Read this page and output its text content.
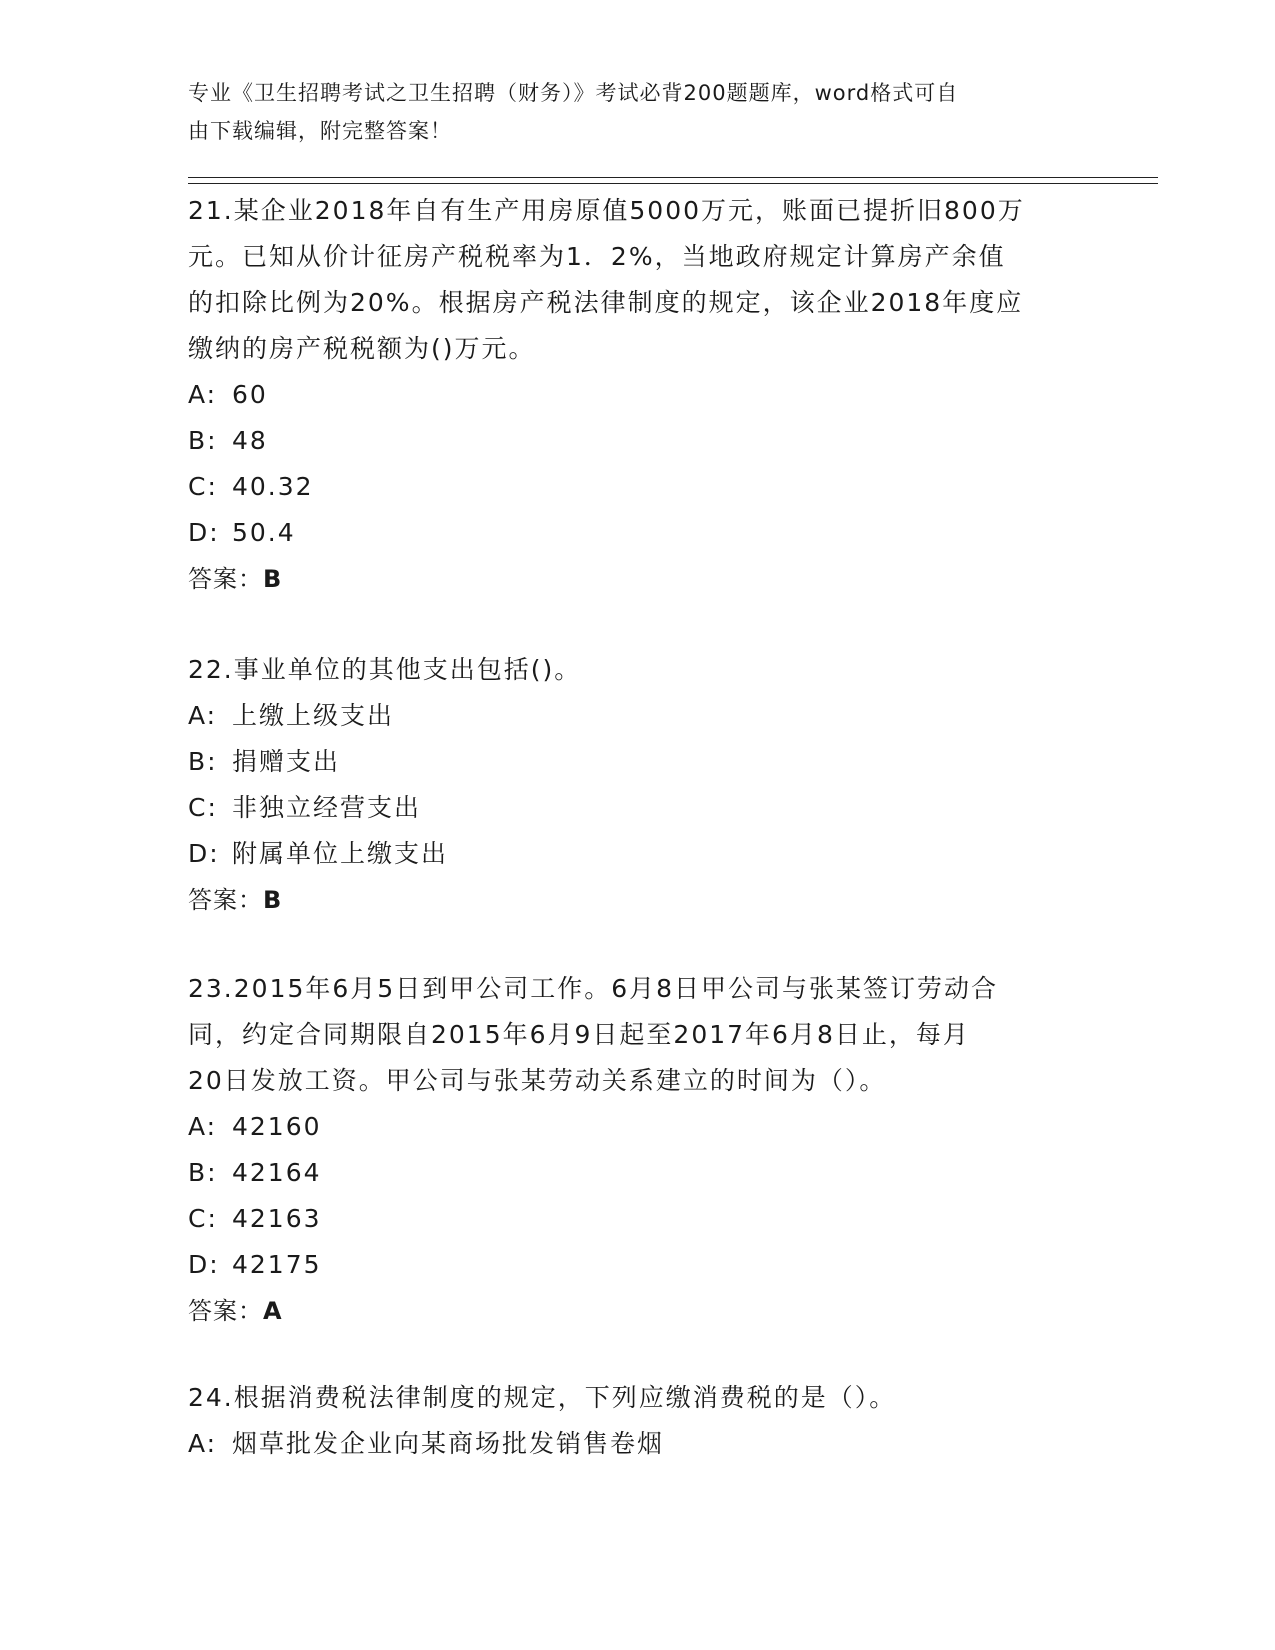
专业《卫生招聘考试之卫生招聘（财务）》考试必背200题题库，word格式可自
由下载编辑，附完整答案！
21.某企业2018年自有生产用房原值5000万元，账面已提折旧800万
元。已知从价计征房产税税率为1．2%，当地政府规定计算房产余值
的扣除比例为20%。根据房产税法律制度的规定，该企业2018年度应
缴纳的房产税税额为()万元。
A: 60
B: 48
C: 40.32
D: 50.4
答案：B
22.事业单位的其他支出包括()。
A: 上缴上级支出
B: 捐赠支出
C: 非独立经营支出
D: 附属单位上缴支出
答案：B
23.2015年6月5日到甲公司工作。6月8日甲公司与张某签订劳动合
同，约定合同期限自2015年6月9日起至2017年6月8日止，每月
20日发放工资。甲公司与张某劳动关系建立的时间为（）。
A: 42160
B: 42164
C: 42163
D: 42175
答案：A
24.根据消费税法律制度的规定，下列应缴消费税的是（）。
A: 烟草批发企业向某商场批发销售卷烟
